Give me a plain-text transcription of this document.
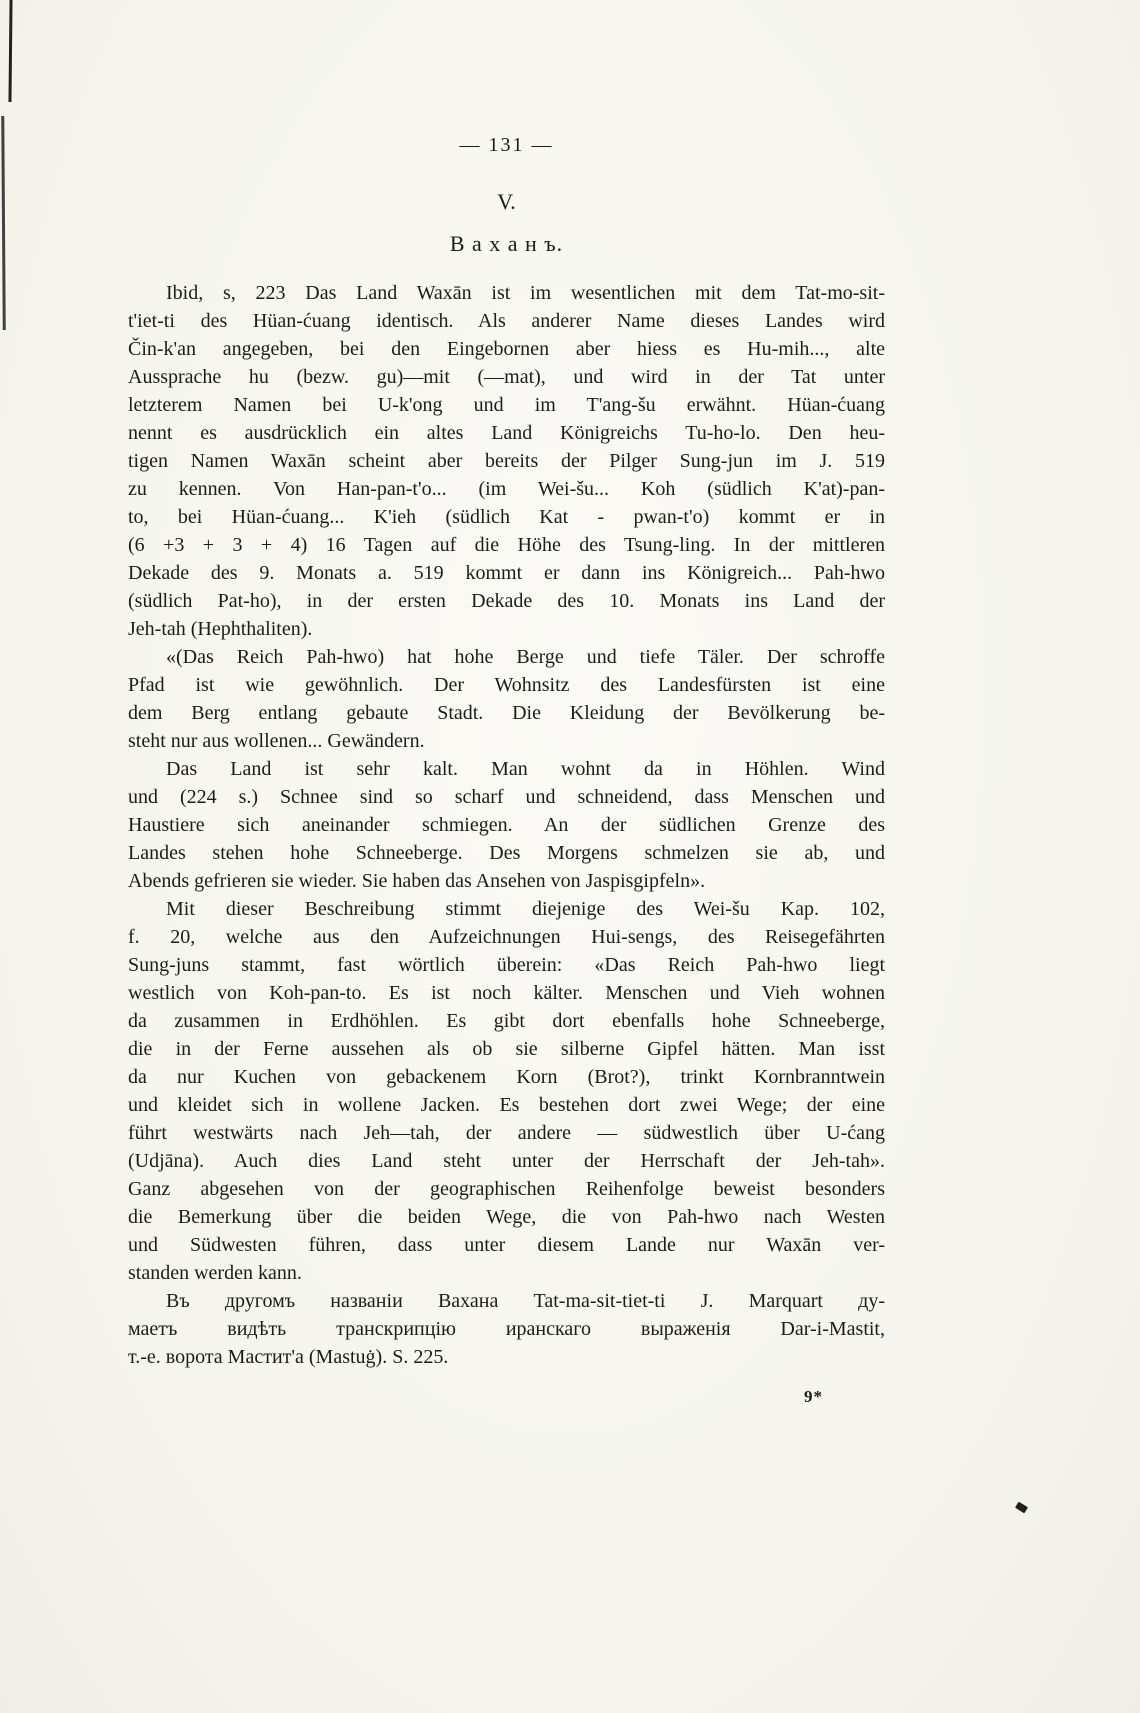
— 131 —
V.
В а х а н ъ.
Ibid, s, 223 Das Land Waxān ist im wesentlichen mit dem Tat-mo-sit-
t'iet-ti des Hüan-ćuang identisch. Als anderer Name dieses Landes wird
Čin-k'an angegeben, bei den Eingebornen aber hiess es Hu-mih..., alte
Aussprache hu (bezw. gu)—mit (—mat), und wird in der Tat unter
letzterem Namen bei U-k'ong und im T'ang-šu erwähnt. Hüan-ćuang
nennt es ausdrücklich ein altes Land Königreichs Tu-ho-lo. Den heu-
tigen Namen Waxān scheint aber bereits der Pilger Sung-jun im J. 519
zu kennen. Von Han-pan-t'o... (im Wei-šu... Koh (südlich K'at)-pan-
to, bei Hüan-ćuang... K'ieh (südlich Kat - pwan-t'o) kommt er in
(6 +3 + 3 + 4) 16 Tagen auf die Höhe des Tsung-ling. In der mittleren
Dekade des 9. Monats a. 519 kommt er dann ins Königreich... Pah-hwo
(südlich Pat-ho), in der ersten Dekade des 10. Monats ins Land der
Jeh-tah (Hephthaliten).
«(Das Reich Pah-hwo) hat hohe Berge und tiefe Täler. Der schroffe
Pfad ist wie gewöhnlich. Der Wohnsitz des Landesfürsten ist eine
dem Berg entlang gebaute Stadt. Die Kleidung der Bevölkerung be-
steht nur aus wollenen... Gewändern.
Das Land ist sehr kalt. Man wohnt da in Höhlen. Wind
und (224 s.) Schnee sind so scharf und schneidend, dass Menschen und
Haustiere sich aneinander schmiegen. An der südlichen Grenze des
Landes stehen hohe Schneeberge. Des Morgens schmelzen sie ab, und
Abends gefrieren sie wieder. Sie haben das Ansehen von Jaspisgipfeln».
Mit dieser Beschreibung stimmt diejenige des Wei-šu Kap. 102,
f. 20, welche aus den Aufzeichnungen Hui-sengs, des Reisegefährten
Sung-juns stammt, fast wörtlich überein: «Das Reich Pah-hwo liegt
westlich von Koh-pan-to. Es ist noch kälter. Menschen und Vieh wohnen
da zusammen in Erdhöhlen. Es gibt dort ebenfalls hohe Schneeberge,
die in der Ferne aussehen als ob sie silberne Gipfel hätten. Man isst
da nur Kuchen von gebackenem Korn (Brot?), trinkt Kornbranntwein
und kleidet sich in wollene Jacken. Es bestehen dort zwei Wege; der eine
führt westwärts nach Jeh—tah, der andere — südwestlich über U-ćang
(Udjāna). Auch dies Land steht unter der Herrschaft der Jeh-tah».
Ganz abgesehen von der geographischen Reihenfolge beweist besonders
die Bemerkung über die beiden Wege, die von Pah-hwo nach Westen
und Südwesten führen, dass unter diesem Lande nur Waxān ver-
standen werden kann.
Въ другомъ названіи Вахана Tat-ma-sit-tiet-ti J. Marquart ду-
маетъ видѣть транскрипцію иранскаго выраженія Dar-i-Mastit,
т.-е. ворота Мастит'а (Mastuġ). S. 225.
9*
